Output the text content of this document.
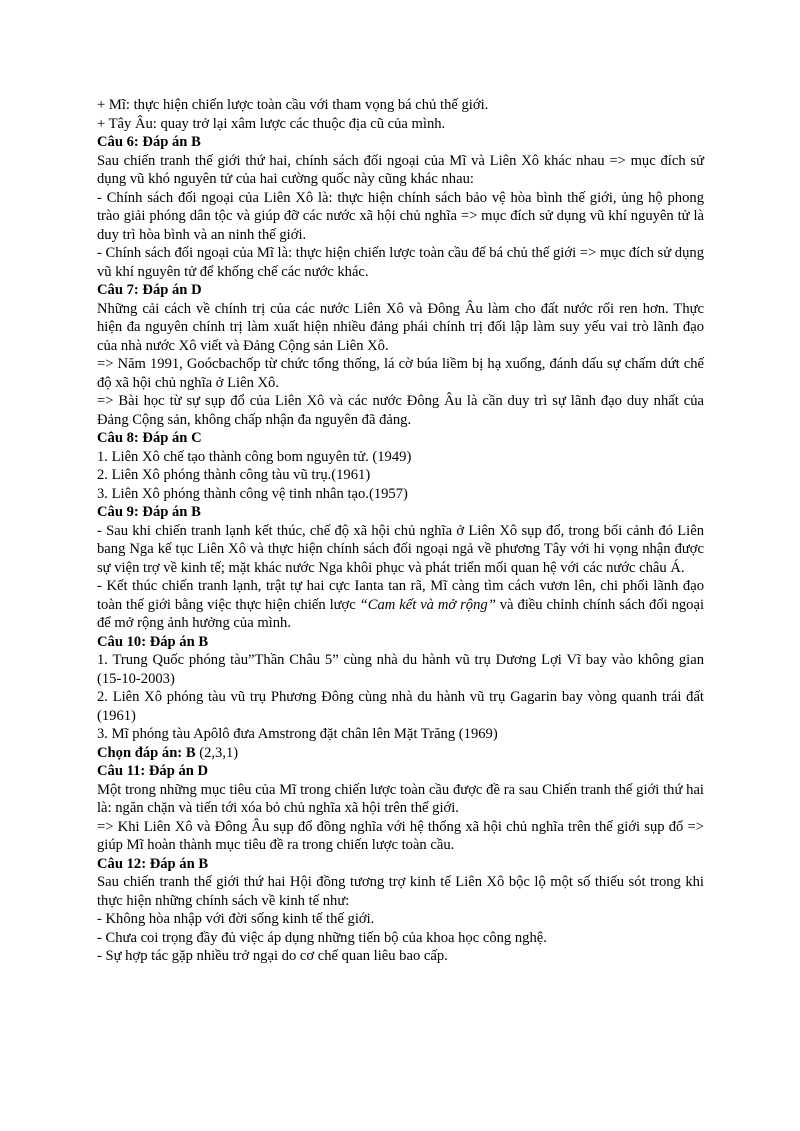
+ Mĩ: thực hiện chiến lược toàn cầu với tham vọng bá chủ thế giới.

+ Tây Âu: quay trở lại xâm lược các thuộc địa cũ của mình.

Câu 6: Đáp án B

Sau chiến tranh thế giới thứ hai, chính sách đối ngoại của Mĩ và Liên Xô khác nhau => mục đích sử dụng vũ khó nguyên tử của hai cường quốc này cũng khác nhau:

- Chính sách đối ngoại của Liên Xô là: thực hiện chính sách bảo vệ hòa bình thế giới, ủng hộ phong trào giải phóng dân tộc và giúp đỡ các nước xã hội chủ nghĩa => mục đích sử dụng vũ khí nguyên tử là duy trì hòa bình và an ninh thế giới.

- Chính sách đối ngoại của Mĩ là: thực hiện chiến lược toàn cầu để bá chủ thế giới => mục đích sử dụng vũ khí nguyên tử để khống chế các nước khác.

Câu 7: Đáp án D

Những cải cách về chính trị của các nước Liên Xô và Đông Âu làm cho đất nước rối ren hơn. Thực hiện đa nguyên chính trị làm xuất hiện nhiều đảng phái chính trị đối lập làm suy yếu vai trò lãnh đạo của nhà nước Xô viết và Đảng Cộng sản Liên Xô.

=> Năm 1991, Goócbachốp từ chức tổng thống, lá cờ búa liềm bị hạ xuống, đánh dấu sự chấm dứt chế độ xã hội chủ nghĩa ở Liên Xô.

=> Bài học từ sự sụp đổ của Liên Xô và các nước Đông Âu là cần duy trì sự lãnh đạo duy nhất của Đảng Cộng sản, không chấp nhận đa nguyên đã đảng.

Câu 8: Đáp án C

1. Liên Xô chế tạo thành công bom nguyên tử. (1949)

2. Liên Xô phóng thành công tàu vũ trụ.(1961)

3. Liên Xô phóng thành công vệ tinh nhân tạo.(1957)

Câu 9: Đáp án B

- Sau khi chiến tranh lạnh kết thúc, chế độ xã hội chủ nghĩa ở Liên Xô sụp đổ, trong bối cảnh đó Liên bang Nga kế tục Liên Xô và thực hiện chính sách đối ngoại ngả về phương Tây với hi vọng nhận được sự viện trợ về kinh tế; mặt khác nước Nga khôi phục và phát triển mối quan hệ với các nước châu Á.

- Kết thúc chiến tranh lạnh, trật tự hai cực Ianta tan rã, Mĩ càng tìm cách vươn lên, chi phối lãnh đạo toàn thế giới bằng việc thực hiện chiến lược “Cam kết và mở rộng” và điều chỉnh chính sách đối ngoại để mở rộng ảnh hưởng của mình.

Câu 10: Đáp án B

1. Trung Quốc phóng tàu”Thần Châu 5” cùng nhà du hành vũ trụ Dương Lợi Vĩ bay vào không gian (15-10-2003)

2. Liên Xô phóng tàu vũ trụ Phương Đông cùng nhà du hành vũ trụ Gagarin bay vòng quanh trái đất (1961)

3. Mĩ phóng tàu Apôlô đưa Amstrong đặt chân lên Mặt Trăng (1969)

Chọn đáp án: B (2,3,1)

Câu 11: Đáp án D

Một trong những mục tiêu của Mĩ trong chiến lược toàn cầu được đề ra sau Chiến tranh thế giới thứ hai là: ngăn chặn và tiến tới xóa bỏ chủ nghĩa xã hội trên thế giới.

=> Khi Liên Xô và Đông Âu sụp đổ đồng nghĩa với hệ thống xã hội chủ nghĩa trên thế giới sụp đổ => giúp Mĩ hoàn thành mục tiêu đề ra trong chiến lược toàn cầu.

Câu 12: Đáp án B

Sau chiến tranh thế giới thứ hai Hội đồng tương trợ kinh tế Liên Xô bộc lộ một số thiếu sót trong khi thực hiện những chính sách về kinh tế như:

- Không hòa nhập với đời sống kinh tế thế giới.

- Chưa coi trọng đầy đủ việc áp dụng những tiến bộ của khoa học công nghệ.

- Sự hợp tác gặp nhiều trở ngại do cơ chế quan liêu bao cấp.
